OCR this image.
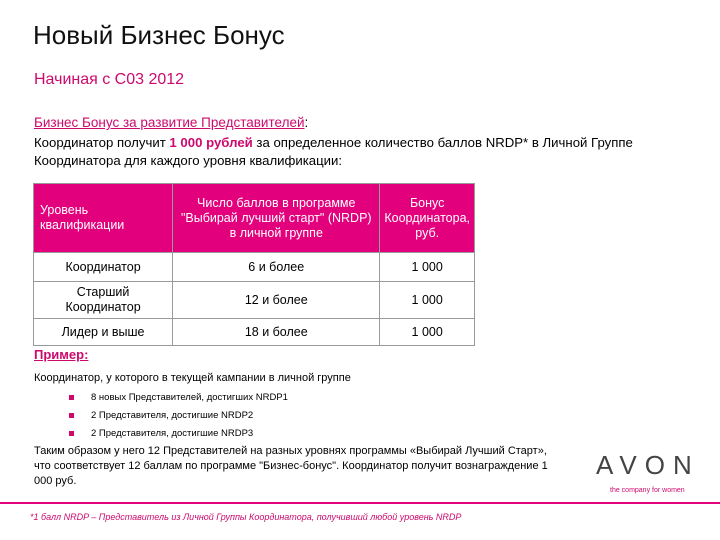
Новый Бизнес Бонус
Начиная с С03 2012
Бизнес Бонус за развитие Представителей:
Координатор получит 1 000 рублей за определенное количество баллов NRDP* в Личной Группе Координатора для каждого уровня квалификации:
Уровень квалификации	Число баллов в программе "Выбирай лучший старт" (NRDP) в личной группе	Бонус Координатора, руб.
Координатор	6 и более	1 000
Старший Координатор	12 и более	1 000
Лидер и выше	18 и более	1 000
Пример:
Координатор, у которого в текущей кампании в личной группе
8 новых Представителей, достигших NRDP1
2 Представителя, достигшие NRDP2
2 Представителя, достигшие NRDP3
Таким образом у него 12 Представителей на разных уровнях программы «Выбирай Лучший Старт», что соответствует 12 баллам по программе "Бизнес-бонус". Координатор получит вознаграждение 1 000 руб.
AVON
the company for women
*1 балл NRDP – Представитель из Личной Группы Координатора, получивший любой уровень NRDP
